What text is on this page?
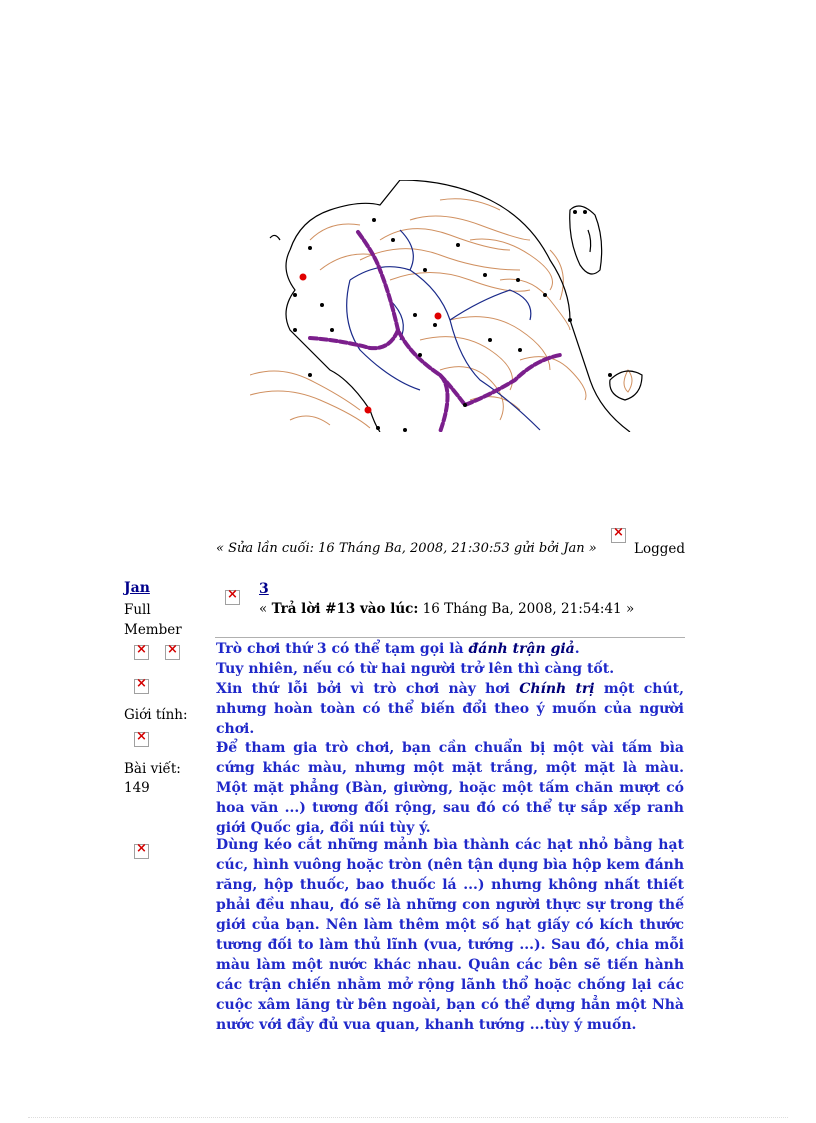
« Sửa lần cuối: 16 Tháng Ba, 2008, 21:30:53 gửi bởi Jan »
×	Logged
Jan
Full
Member
×
×
×
Giới tính:
×
Bài viết:
149
×
×
3
« Trả lời #13 vào lúc: 16 Tháng Ba, 2008, 21:54:41 »

Trò chơi thứ 3 có thể tạm gọi là đánh trận giả.

Tuy nhiên, nếu có từ hai người trở lên thì càng tốt.

Xin thứ lỗi bởi vì trò chơi này hơi Chính trị một chút, nhưng hoàn toàn có thể biến đổi theo ý muốn của người chơi.

Để tham gia trò chơi, bạn cần chuẩn bị một vài tấm bìa cứng khác màu, nhưng một mặt trắng, một mặt là màu. Một mặt phẳng (Bàn, giường, hoặc một tấm chăn mượt có hoa văn ...) tương đối rộng, sau đó có thể tự sắp xếp ranh giới Quốc gia, đồi núi tùy ý.
Dùng kéo cắt những mảnh bìa thành các hạt nhỏ bằng hạt cúc, hình vuông hoặc tròn (nên tận dụng bìa hộp kem đánh răng, hộp thuốc, bao thuốc lá ...) nhưng không nhất thiết phải đều nhau, đó sẽ là những con người thực sự trong thế giới của bạn. Nên làm thêm một số hạt giấy có kích thước tương đối to làm thủ lĩnh (vua, tướng ...). Sau đó, chia mỗi màu làm một nước khác nhau. Quân các bên sẽ tiến hành các trận chiến nhằm mở rộng lãnh thổ hoặc chống lại các cuộc xâm lăng từ bên ngoài, bạn có thể dựng hẳn một Nhà nước với đầy đủ vua quan, khanh tướng ...tùy ý muốn.
